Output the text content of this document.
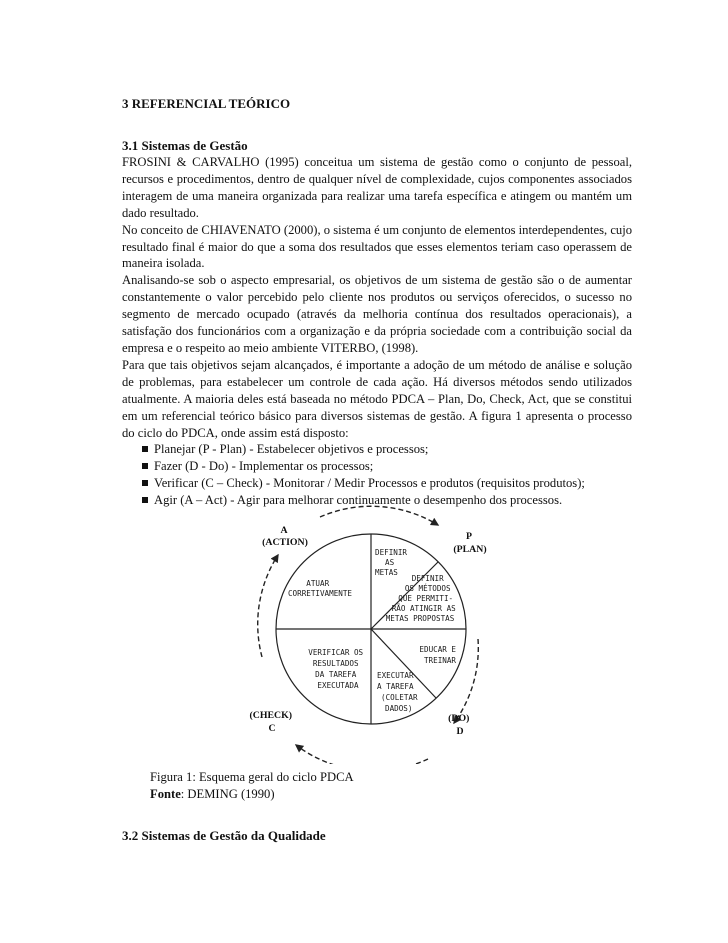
3 REFERENCIAL TEÓRICO
3.1 Sistemas de Gestão

FROSINI & CARVALHO (1995) conceitua um sistema de gestão como o conjunto de pessoal, recursos e procedimentos, dentro de qualquer nível de complexidade, cujos componentes associados interagem de uma maneira organizada para realizar uma tarefa específica e atingem ou mantém um dado resultado.

No conceito de CHIAVENATO (2000), o sistema é um conjunto de elementos interdependentes, cujo resultado final é maior do que a soma dos resultados que esses elementos teriam caso operassem de maneira isolada.

Analisando-se sob o aspecto empresarial, os objetivos de um sistema de gestão são o de aumentar constantemente o valor percebido pelo cliente nos produtos ou serviços oferecidos, o sucesso no segmento de mercado ocupado (através da melhoria contínua dos resultados operacionais), a satisfação dos funcionários com a organização e da própria sociedade com a contribuição social da empresa e o respeito ao meio ambiente VITERBO, (1998).

Para que tais objetivos sejam alcançados, é importante a adoção de um método de análise e solução de problemas, para estabelecer um controle de cada ação. Há diversos métodos sendo utilizados atualmente. A maioria deles está baseada no método PDCA – Plan, Do, Check, Act, que se constitui em um referencial teórico básico para diversos sistemas de gestão. A figura 1 apresenta o processo do ciclo do PDCA, onde assim está disposto:

Planejar (P - Plan) - Estabelecer objetivos e processos;
Fazer (D - Do) - Implementar os processos;
Verificar (C – Check) - Monitorar / Medir Processos e produtos (requisitos produtos);
Agir (A – Act) - Agir para melhorar continuamente o desempenho dos processos.
ATUAR CORRETIVAMENTE
DEFINIR AS METAS
DEFINIR OS MÉTODOS QUE PERMITI- RÃO ATINGIR AS METAS PROPOSTAS
EDUCAR E TREINAR
EXECUTAR A TAREFA (COLETAR DADOS)
VERIFICAR OS RESULTADOS DA TAREFA EXECUTADA
A (ACTION)
P (PLAN)
(CHECK) C
(DO) D
Figura 1: Esquema geral do ciclo PDCA
Fonte: DEMING (1990)
3.2 Sistemas de Gestão da Qualidade
